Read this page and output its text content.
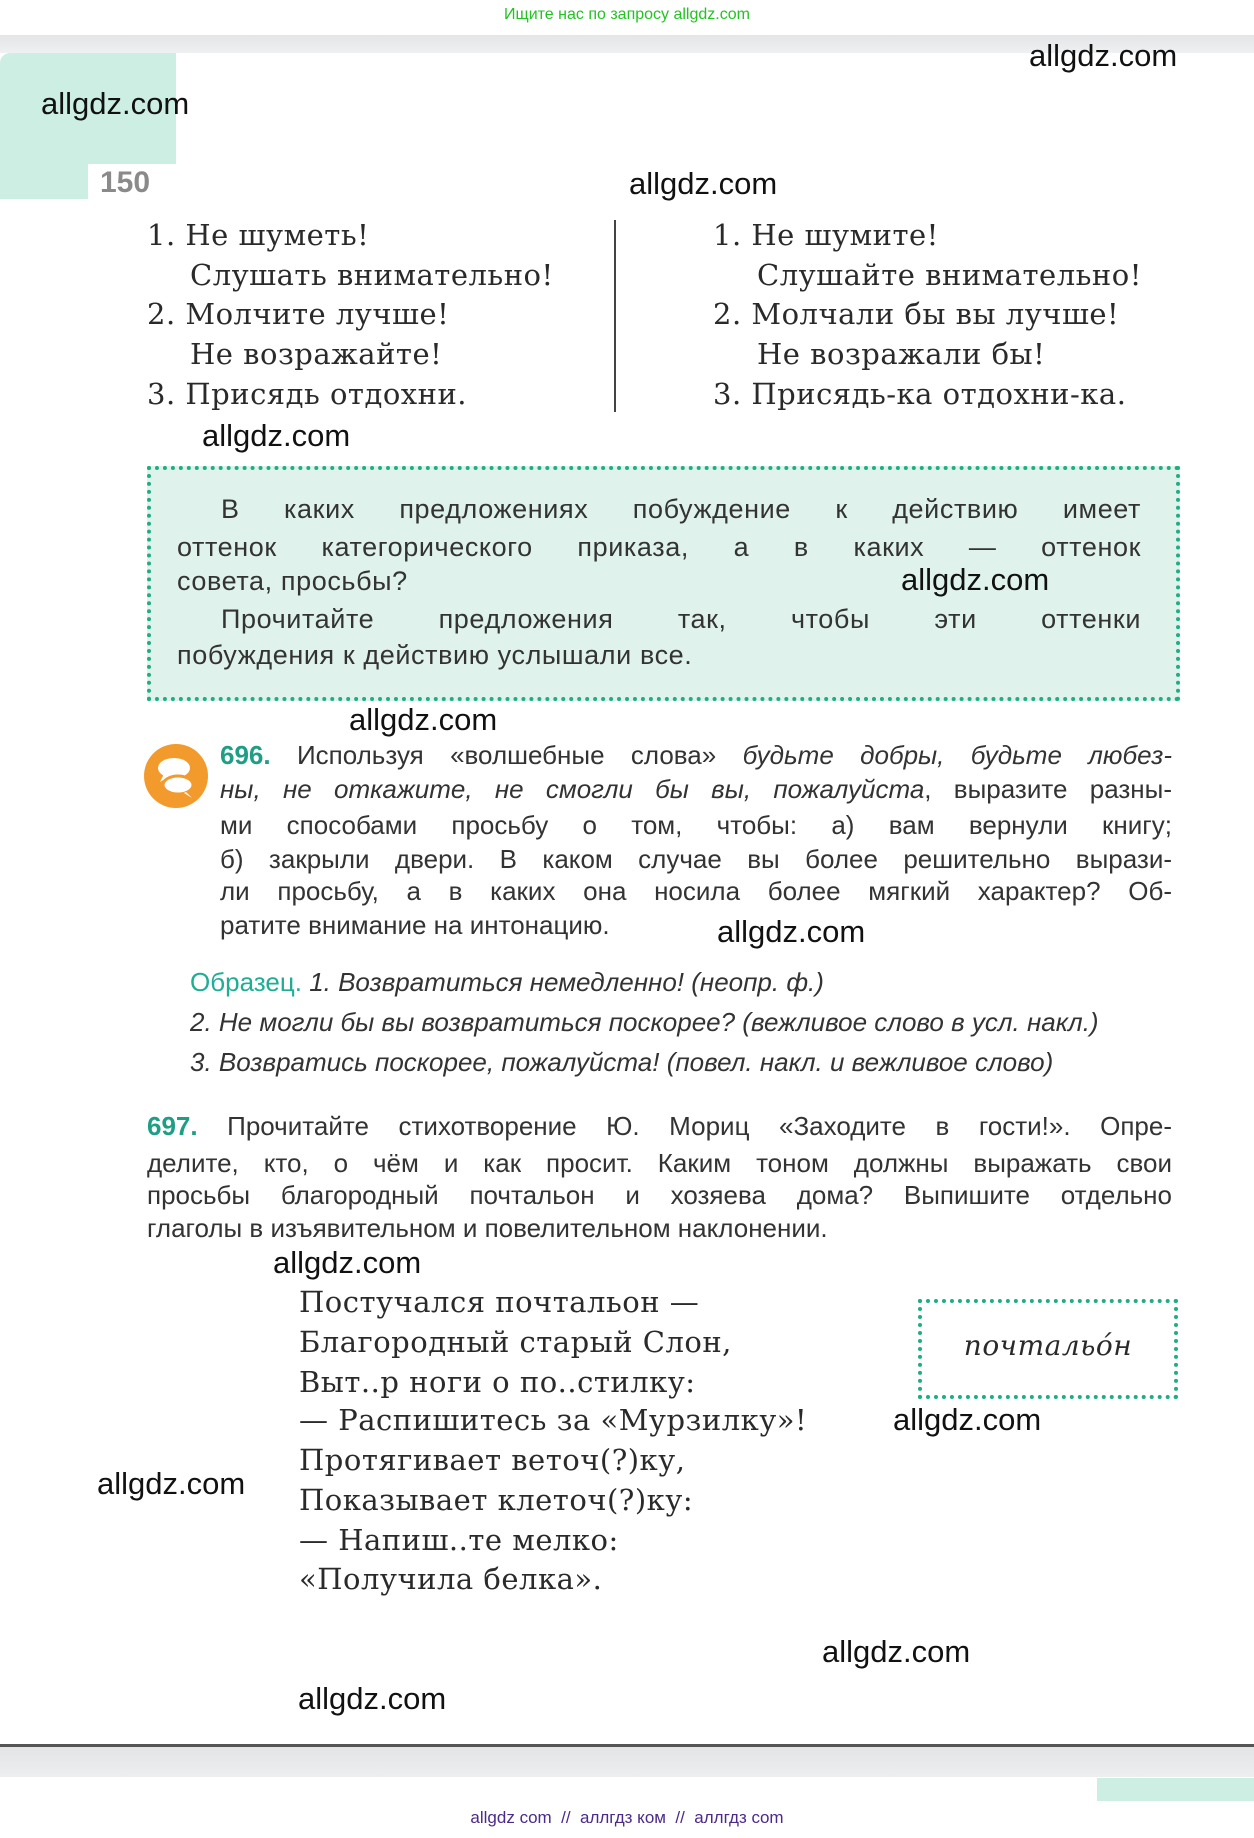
Ищите нас по запросу allgdz.com
150
1. Не шуметь!
Слушать внимательно!
2. Молчите лучше!
Не возражайте!
3. Присядь отдохни.
1. Не шумите!
Слушайте внимательно!
2. Молчали бы вы лучше!
Не возражали бы!
3. Присядь-ка отдохни-ка.
В каких предложениях побуждение к действию имеет
оттенок категорического приказа, а в каких — оттенок
совета, просьбы?
Прочитайте предложения так, чтобы эти оттенки
побуждения к действию услышали все.
696. Используя «волшебные слова» будьте добры, будьте любез-
ны, не откажите, не смогли бы вы, пожалуйста, выразите разны-
ми способами просьбу о том, чтобы: а) вам вернули книгу;
б) закрыли двери. В каком случае вы более решительно вырази-
ли просьбу, а в каких она носила более мягкий характер? Об-
ратите внимание на интонацию.
Образец. 1. Возвратиться немедленно! (неопр. ф.)
2. Не могли бы вы возвратиться поскорее? (вежливое слово в усл. накл.)
3. Возвратись поскорее, пожалуйста! (повел. накл. и вежливое слово)
697. Прочитайте стихотворение Ю. Мориц «Заходите в гости!». Опре-
делите, кто, о чём и как просит. Каким тоном должны выражать свои
просьбы благородный почтальон и хозяева дома? Выпишите отдельно
глаголы в изъявительном и повелительном наклонении.
Постучался почтальон —
Благородный старый Слон,
Выт..р ноги о по..стилку:
— Распишитесь за «Мурзилку»!
Протягивает веточ(?)ку,
Показывает клеточ(?)ку:
— Напиш..те мелко:
«Получила белка».
почтальо́н
allgdz.com
allgdz.com
allgdz.com
allgdz.com
allgdz.com
allgdz.com
allgdz.com
allgdz.com
allgdz.com
allgdz.com
allgdz.com
allgdz.com
allgdz com  //  аллгдз ком  //  аллгдз com
